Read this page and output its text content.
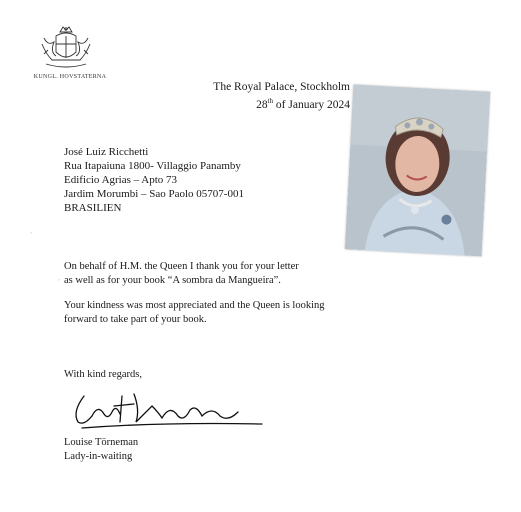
KUNGL. HOVSTATERNA
The Royal Palace, Stockholm
28th of January 2024
José Luiz Ricchetti
Rua Itapaiuna 1800- Villaggio Panamby
Edificio Agrias – Apto 73
Jardim Morumbi – Sao Paolo 05707-001
BRASILIEN

On behalf of H.M. the Queen I thank you for your letter
as well as for your book “A sombra da Mangueira”.

Your kindness was most appreciated and the Queen is looking
forward to take part of your book.

With kind regards,
Louise Törneman
Lady-in-waiting
ˊ
ˊ
